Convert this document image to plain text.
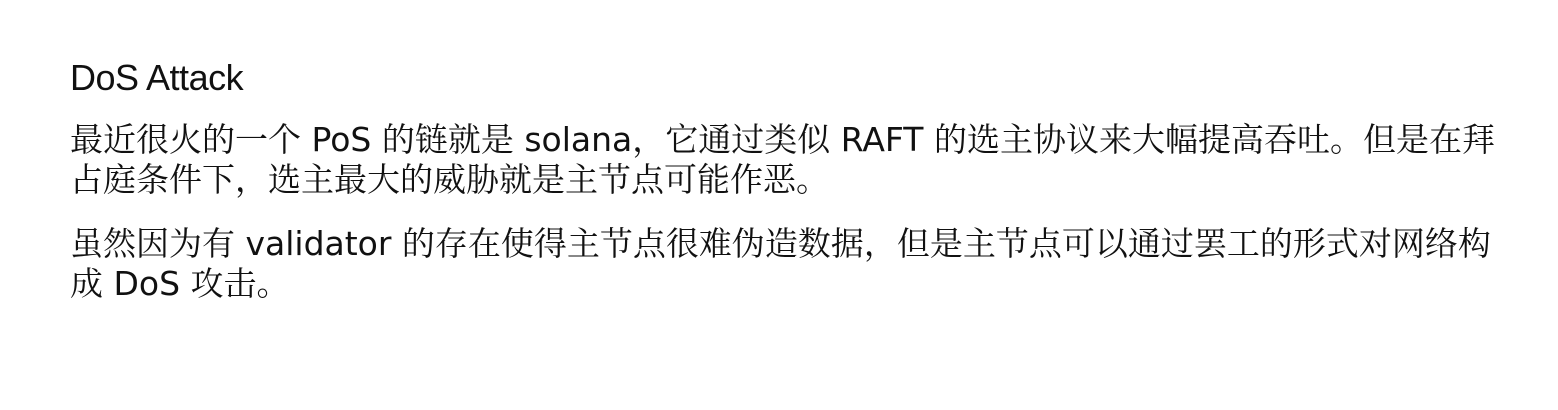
DoS Attack

最近很火的一个 PoS 的链就是 solana，它通过类似 RAFT 的选主协议来大幅提高吞吐。但是在拜占庭条件下，选主最大的威胁就是主节点可能作恶。

虽然因为有 validator 的存在使得主节点很难伪造数据，但是主节点可以通过罢工的形式对网络构成 DoS 攻击。
